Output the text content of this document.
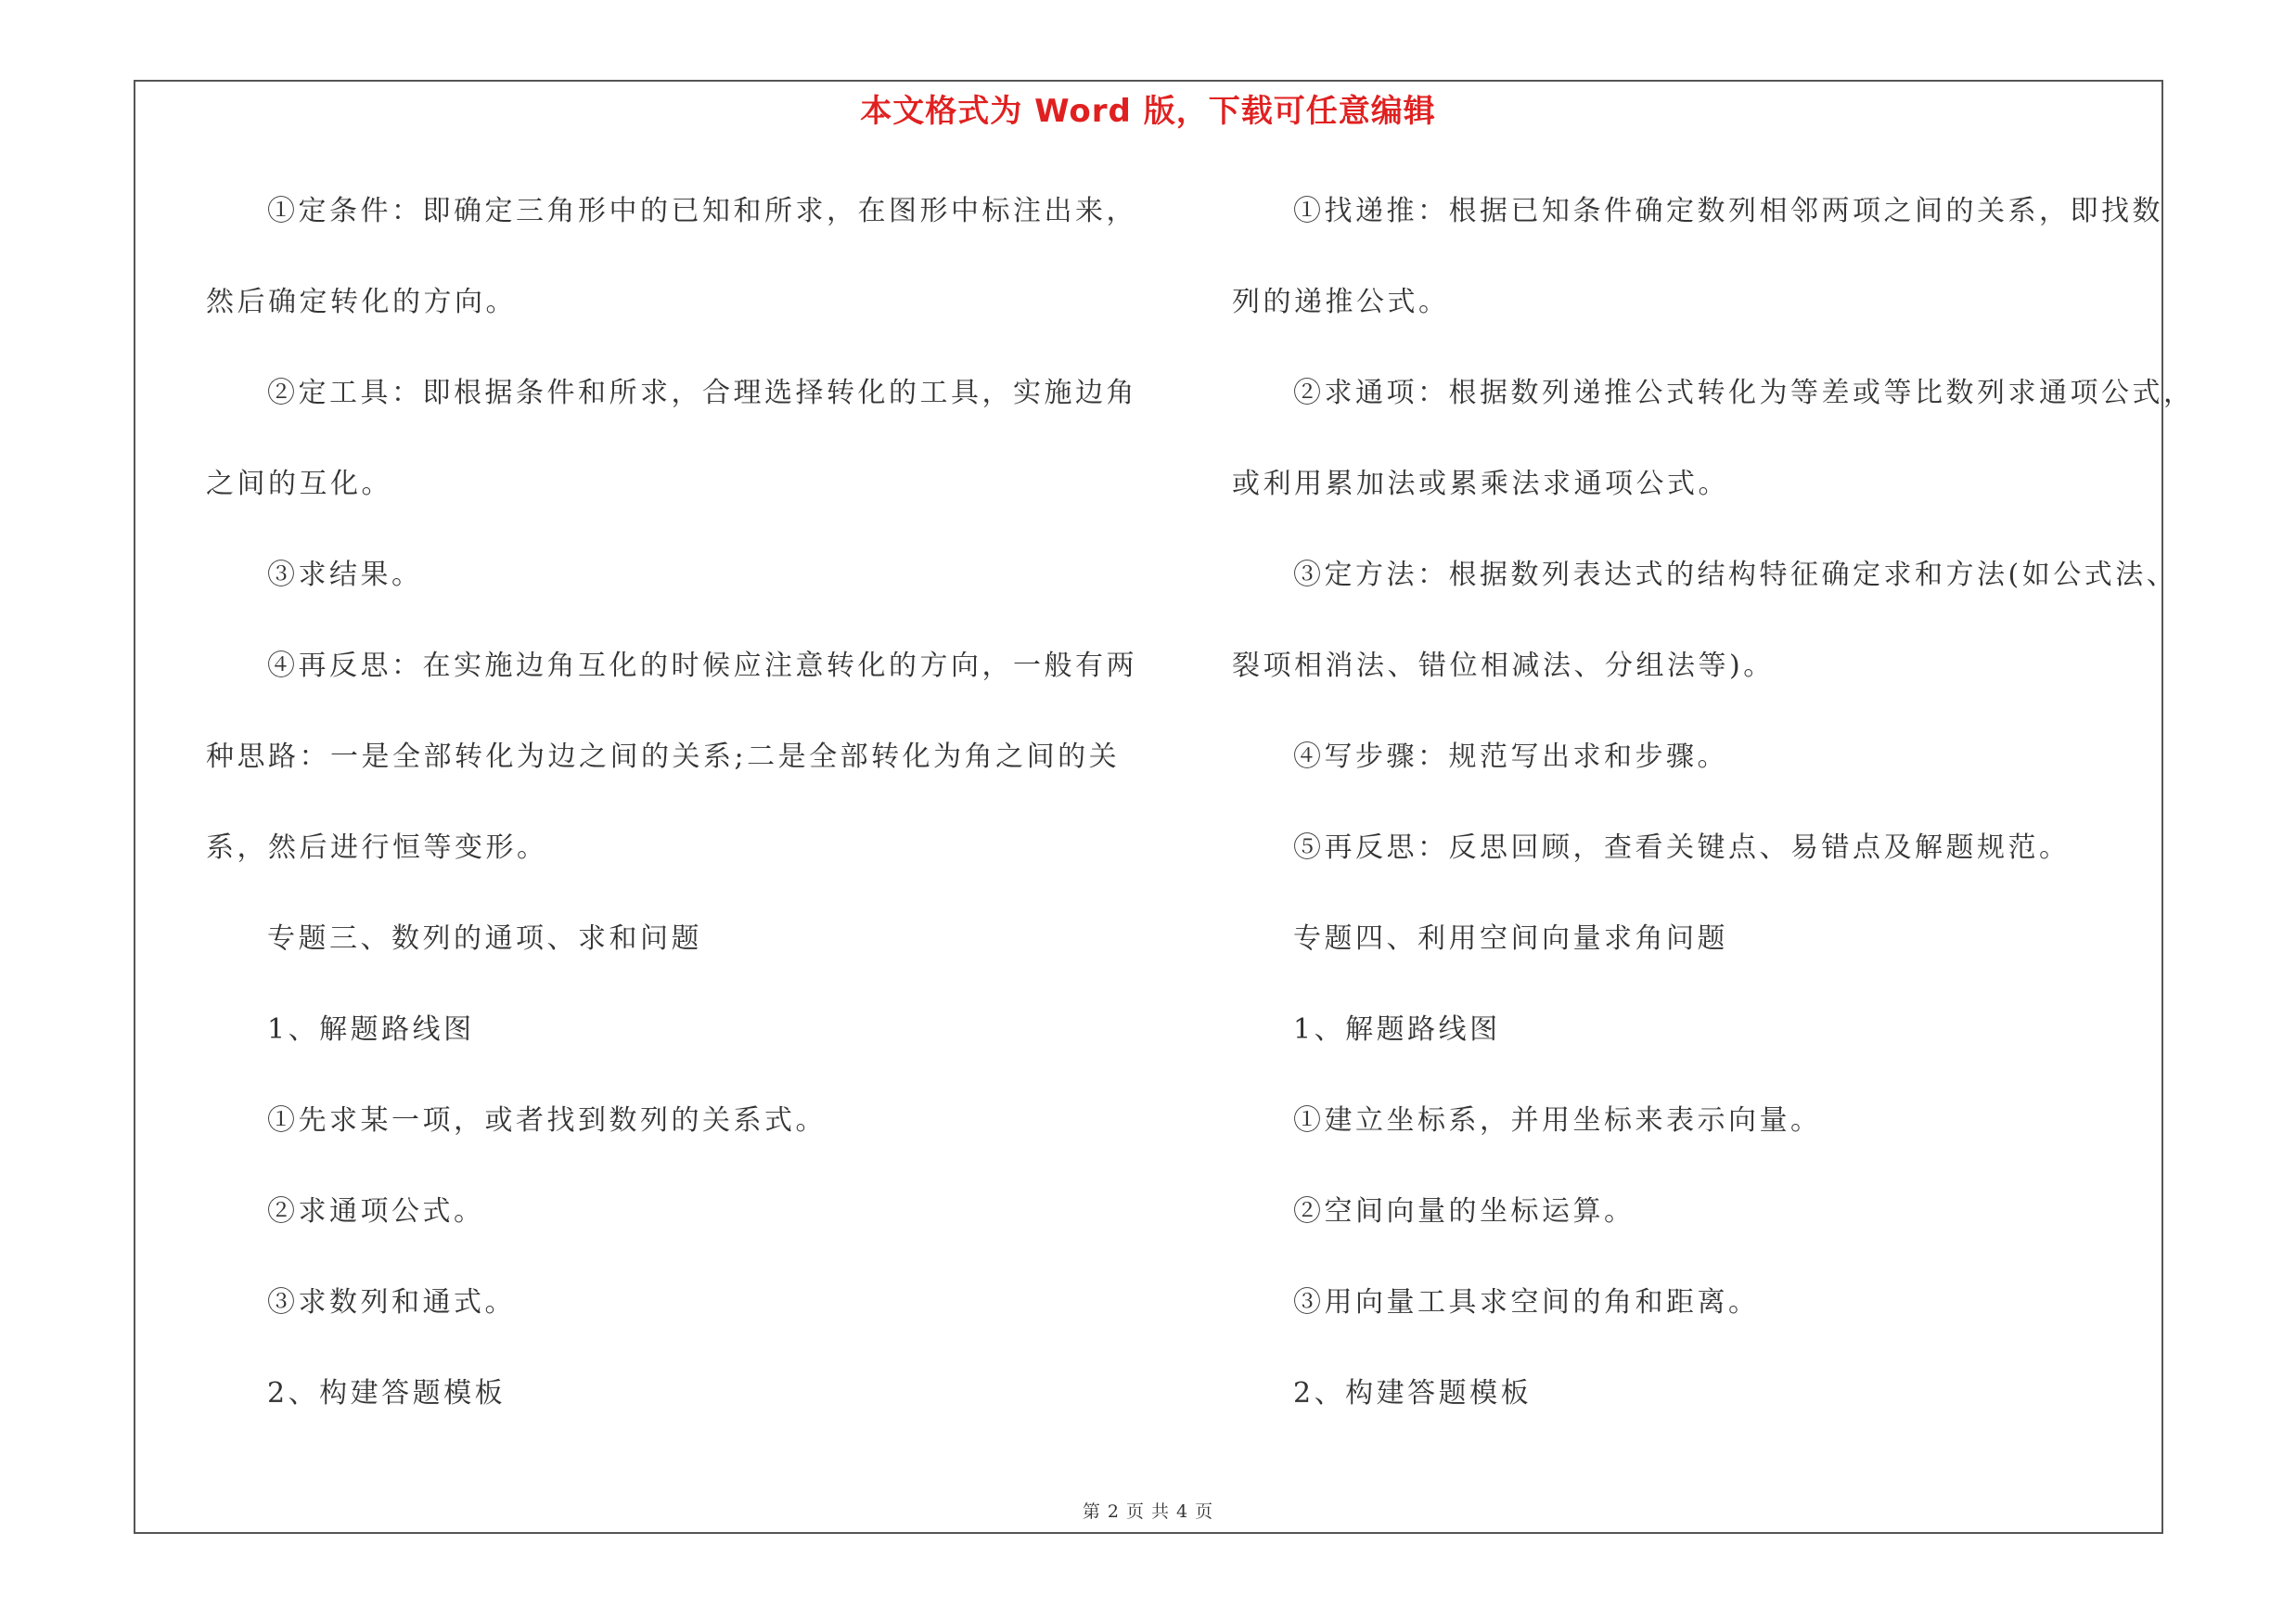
本文格式为 Word 版，下载可任意编辑
①定条件：即确定三角形中的已知和所求，在图形中标注出来，
然后确定转化的方向。
②定工具：即根据条件和所求，合理选择转化的工具，实施边角
之间的互化。
③求结果。
④再反思：在实施边角互化的时候应注意转化的方向，一般有两
种思路：一是全部转化为边之间的关系;二是全部转化为角之间的关
系，然后进行恒等变形。
专题三、数列的通项、求和问题
1、解题路线图
①先求某一项，或者找到数列的关系式。
②求通项公式。
③求数列和通式。
2、构建答题模板
①找递推：根据已知条件确定数列相邻两项之间的关系，即找数
列的递推公式。
②求通项：根据数列递推公式转化为等差或等比数列求通项公式，
或利用累加法或累乘法求通项公式。
③定方法：根据数列表达式的结构特征确定求和方法(如公式法、
裂项相消法、错位相减法、分组法等)。
④写步骤：规范写出求和步骤。
⑤再反思：反思回顾，查看关键点、易错点及解题规范。
专题四、利用空间向量求角问题
1、解题路线图
①建立坐标系，并用坐标来表示向量。
②空间向量的坐标运算。
③用向量工具求空间的角和距离。
2、构建答题模板
第 2 页 共 4 页
